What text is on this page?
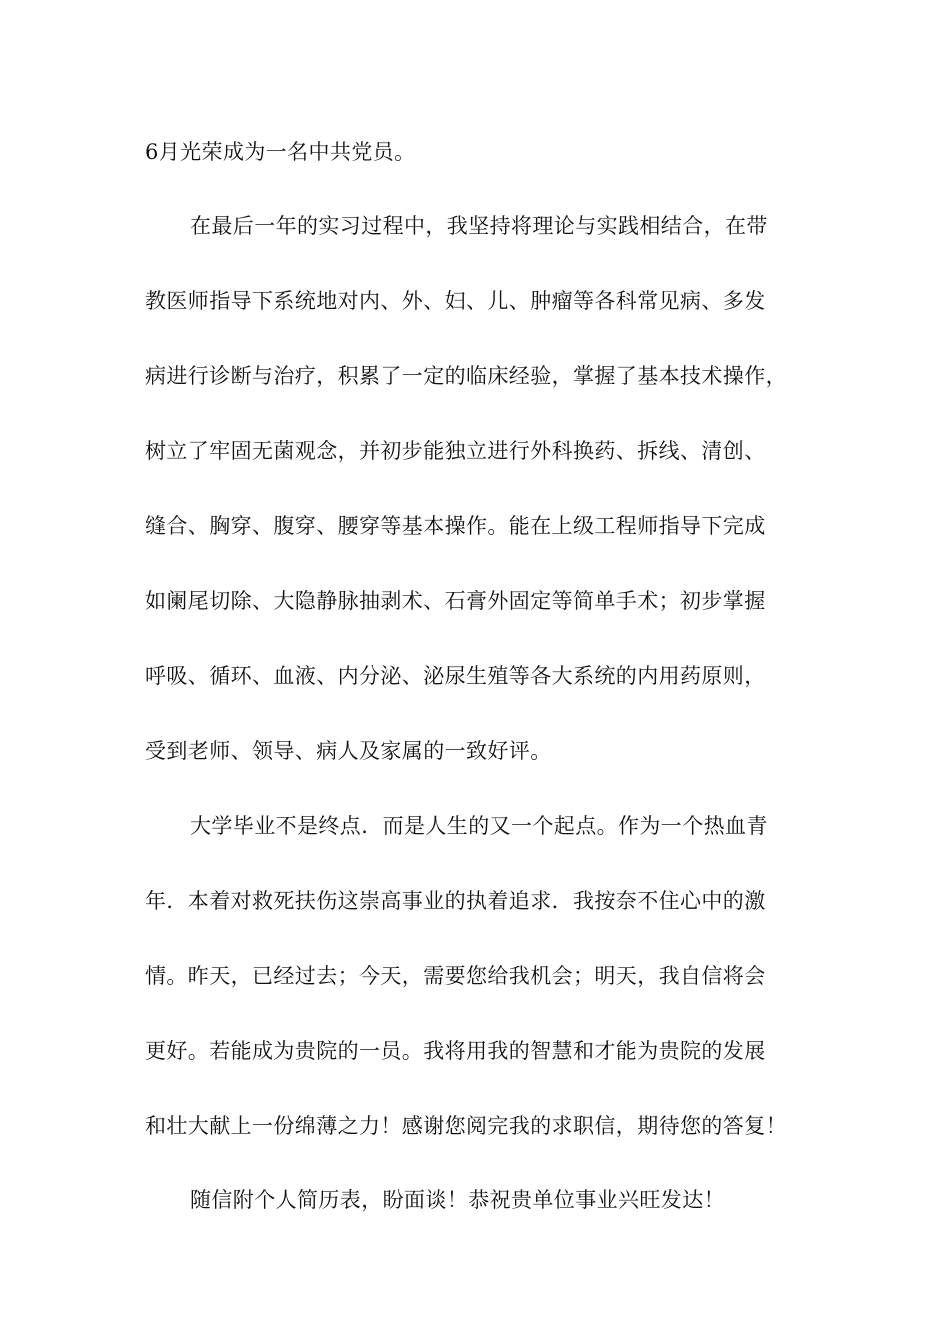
6月光荣成为一名中共党员。
在最后一年的实习过程中，我坚持将理论与实践相结合，在带
教医师指导下系统地对内、外、妇、儿、肿瘤等各科常见病、多发
病进行诊断与治疗，积累了一定的临床经验，掌握了基本技术操作，
树立了牢固无菌观念，并初步能独立进行外科换药、拆线、清创、
缝合、胸穿、腹穿、腰穿等基本操作。能在上级工程师指导下完成
如阑尾切除、大隐静脉抽剥术、石膏外固定等简单手术；初步掌握
呼吸、循环、血液、内分泌、泌尿生殖等各大系统的内用药原则，
受到老师、领导、病人及家属的一致好评。
大学毕业不是终点．而是人生的又一个起点。作为一个热血青
年．本着对救死扶伤这崇高事业的执着追求．我按奈不住心中的激
情。昨天，已经过去；今天，需要您给我机会；明天，我自信将会
更好。若能成为贵院的一员。我将用我的智慧和才能为贵院的发展
和壮大献上一份绵薄之力！感谢您阅完我的求职信，期待您的答复！
随信附个人简历表，盼面谈！恭祝贵单位事业兴旺发达！
